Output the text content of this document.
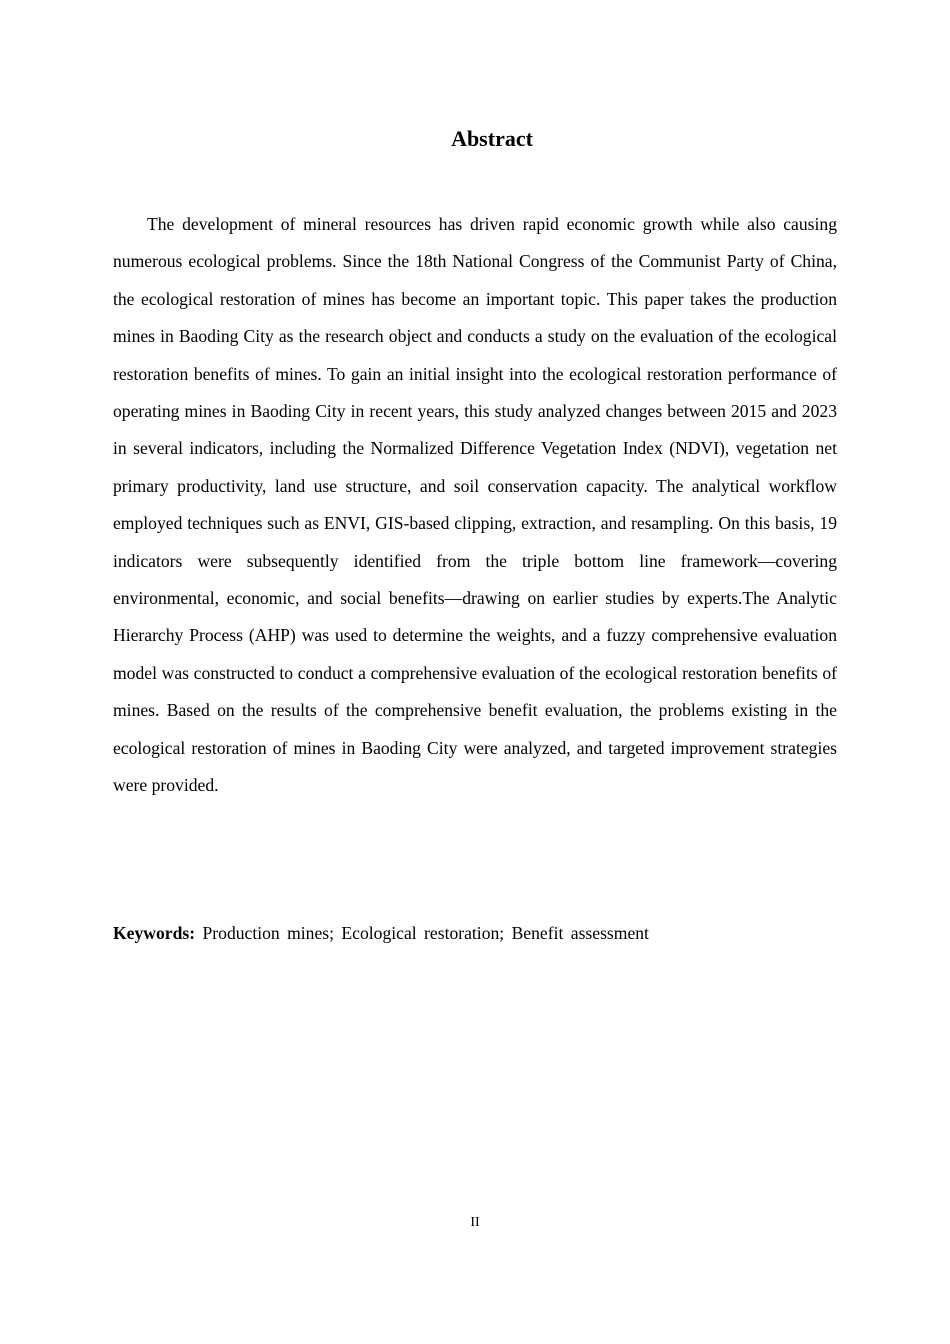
Abstract

The development of mineral resources has driven rapid economic growth while also causing numerous ecological problems. Since the 18th National Congress of the Communist Party of China, the ecological restoration of mines has become an important topic. This paper takes the production mines in Baoding City as the research object and conducts a study on the evaluation of the ecological restoration benefits of mines. To gain an initial insight into the ecological restoration performance of operating mines in Baoding City in recent years, this study analyzed changes between 2015 and 2023 in several indicators, including the Normalized Difference Vegetation Index (NDVI), vegetation net primary productivity, land use structure, and soil conservation capacity. The analytical workflow employed techniques such as ENVI, GIS-based clipping, extraction, and resampling. On this basis, 19 indicators were subsequently identified from the triple bottom line framework—covering environmental, economic, and social benefits—drawing on earlier studies by experts.The Analytic Hierarchy Process (AHP) was used to determine the weights, and a fuzzy comprehensive evaluation model was constructed to conduct a comprehensive evaluation of the ecological restoration benefits of mines. Based on the results of the comprehensive benefit evaluation, the problems existing in the ecological restoration of mines in Baoding City were analyzed, and targeted improvement strategies were provided.

Keywords: Production mines; Ecological restoration; Benefit assessment

II
